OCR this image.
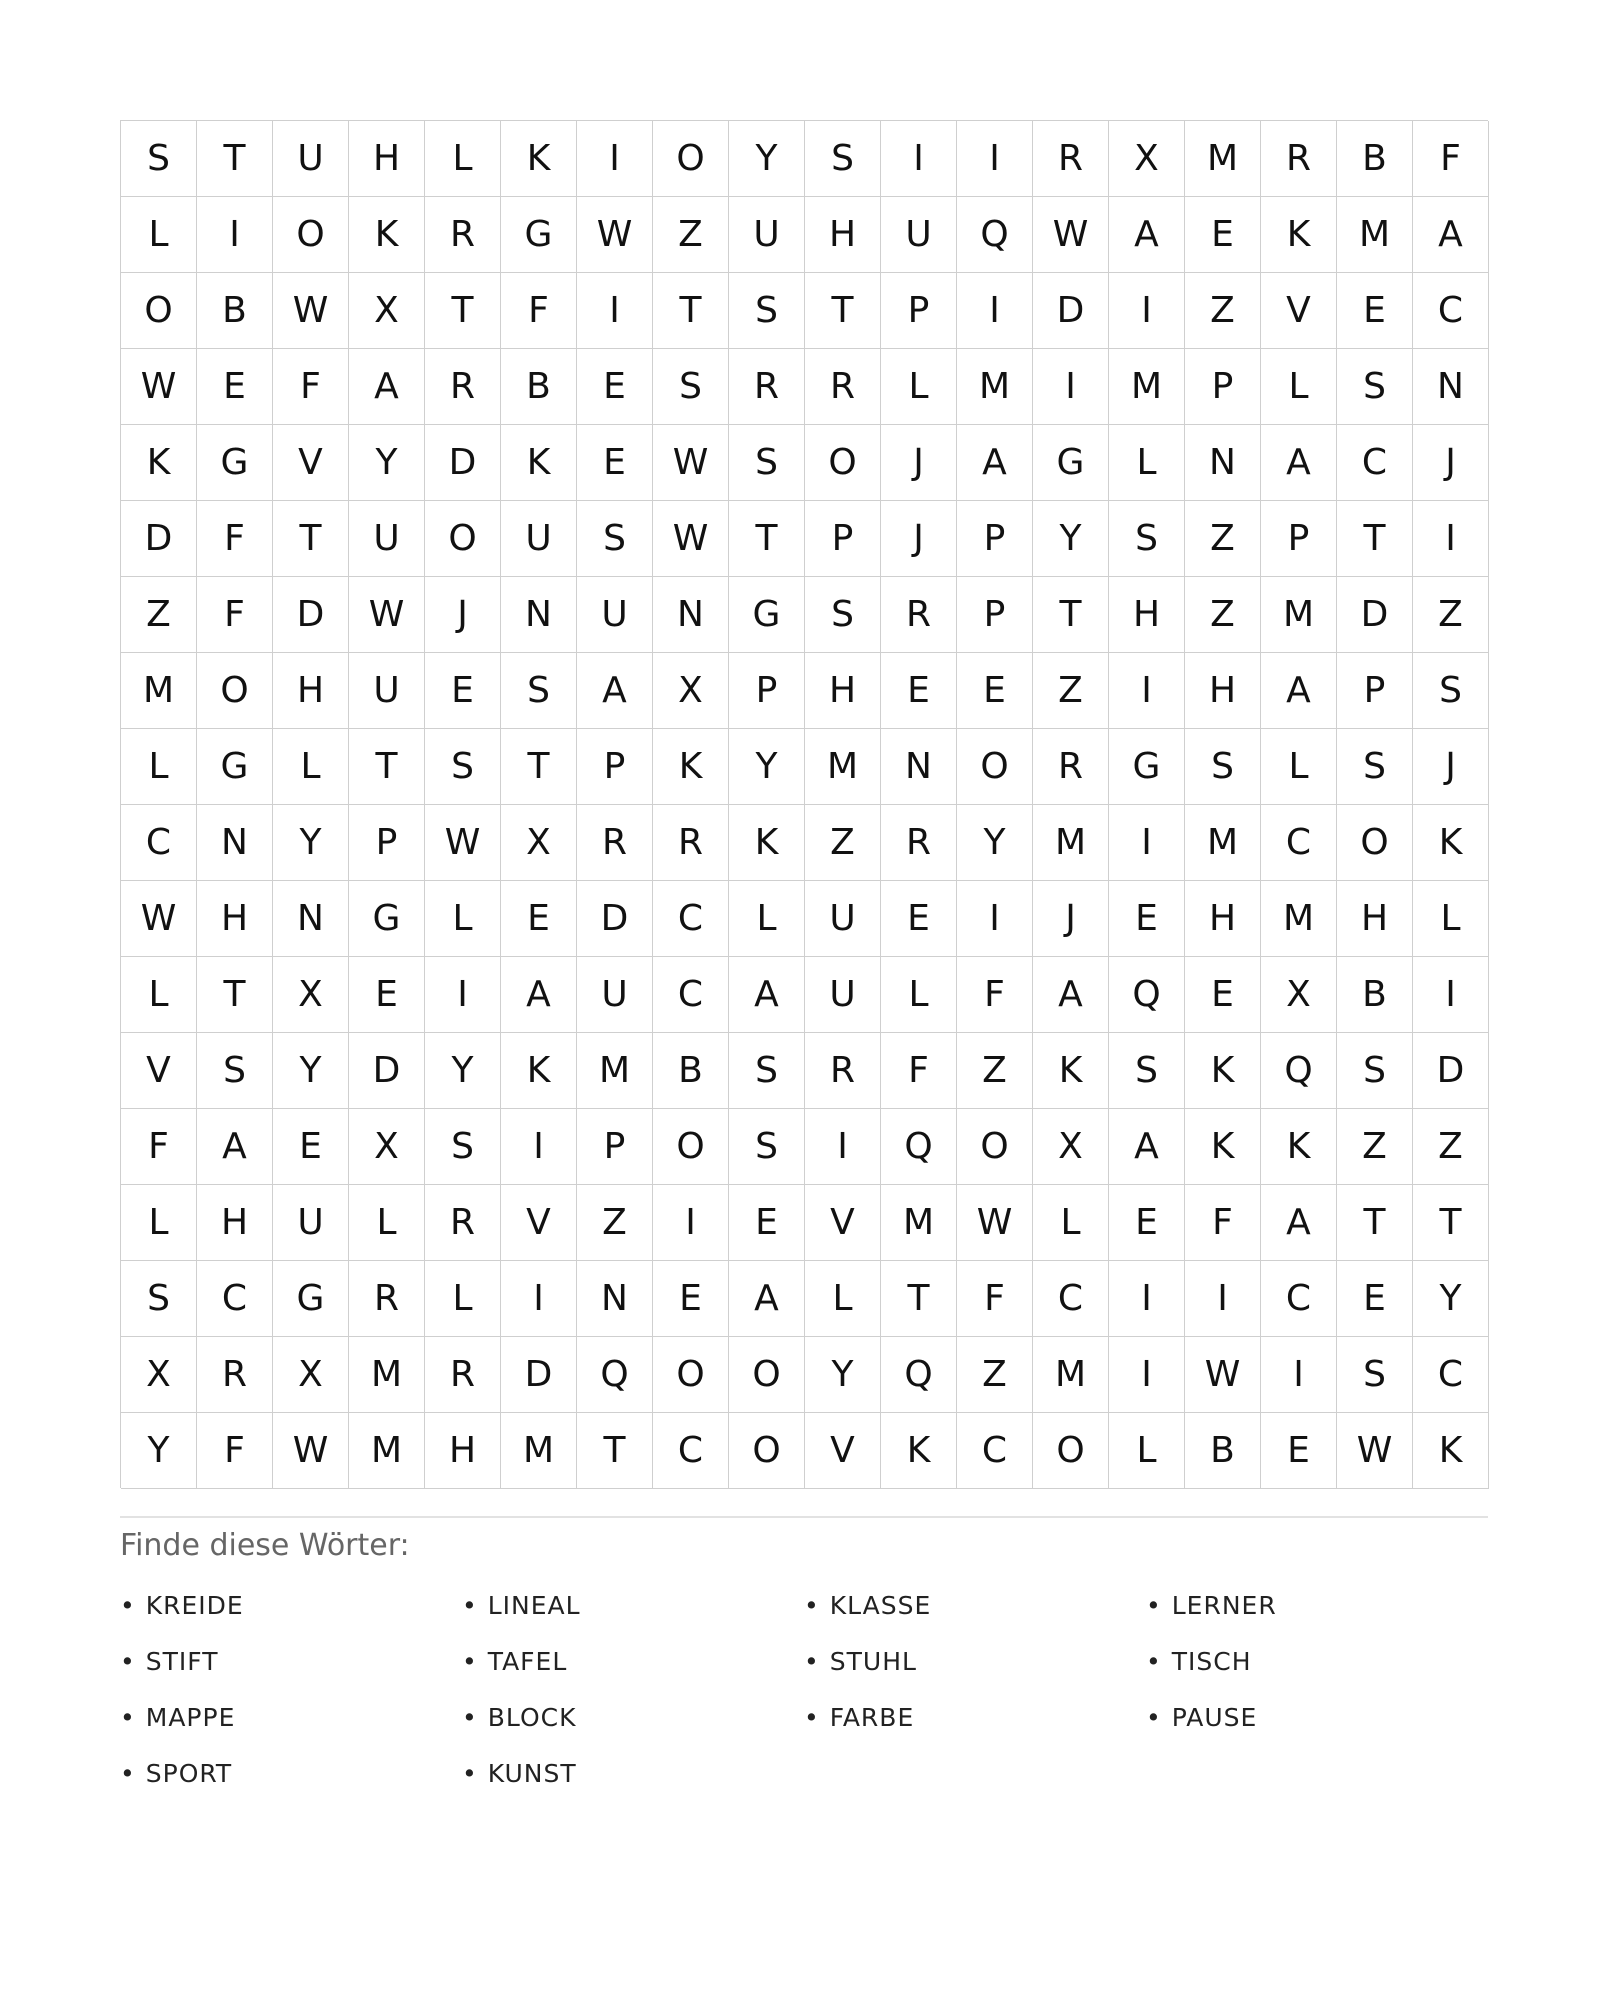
S	T	U	H	L	K	I	O	Y	S	I	I	R	X	M	R	B	F
L	I	O	K	R	G	W	Z	U	H	U	Q	W	A	E	K	M	A
O	B	W	X	T	F	I	T	S	T	P	I	D	I	Z	V	E	C
W	E	F	A	R	B	E	S	R	R	L	M	I	M	P	L	S	N
K	G	V	Y	D	K	E	W	S	O	J	A	G	L	N	A	C	J
D	F	T	U	O	U	S	W	T	P	J	P	Y	S	Z	P	T	I
Z	F	D	W	J	N	U	N	G	S	R	P	T	H	Z	M	D	Z
M	O	H	U	E	S	A	X	P	H	E	E	Z	I	H	A	P	S
L	G	L	T	S	T	P	K	Y	M	N	O	R	G	S	L	S	J
C	N	Y	P	W	X	R	R	K	Z	R	Y	M	I	M	C	O	K
W	H	N	G	L	E	D	C	L	U	E	I	J	E	H	M	H	L
L	T	X	E	I	A	U	C	A	U	L	F	A	Q	E	X	B	I
V	S	Y	D	Y	K	M	B	S	R	F	Z	K	S	K	Q	S	D
F	A	E	X	S	I	P	O	S	I	Q	O	X	A	K	K	Z	Z
L	H	U	L	R	V	Z	I	E	V	M	W	L	E	F	A	T	T
S	C	G	R	L	I	N	E	A	L	T	F	C	I	I	C	E	Y
X	R	X	M	R	D	Q	O	O	Y	Q	Z	M	I	W	I	S	C
Y	F	W	M	H	M	T	C	O	V	K	C	O	L	B	E	W	K
Finde diese Wörter:
• KREIDE	• LINEAL	• KLASSE	• LERNER
• STIFT	• TAFEL	• STUHL	• TISCH
• MAPPE	• BLOCK	• FARBE	• PAUSE
• SPORT	• KUNST
